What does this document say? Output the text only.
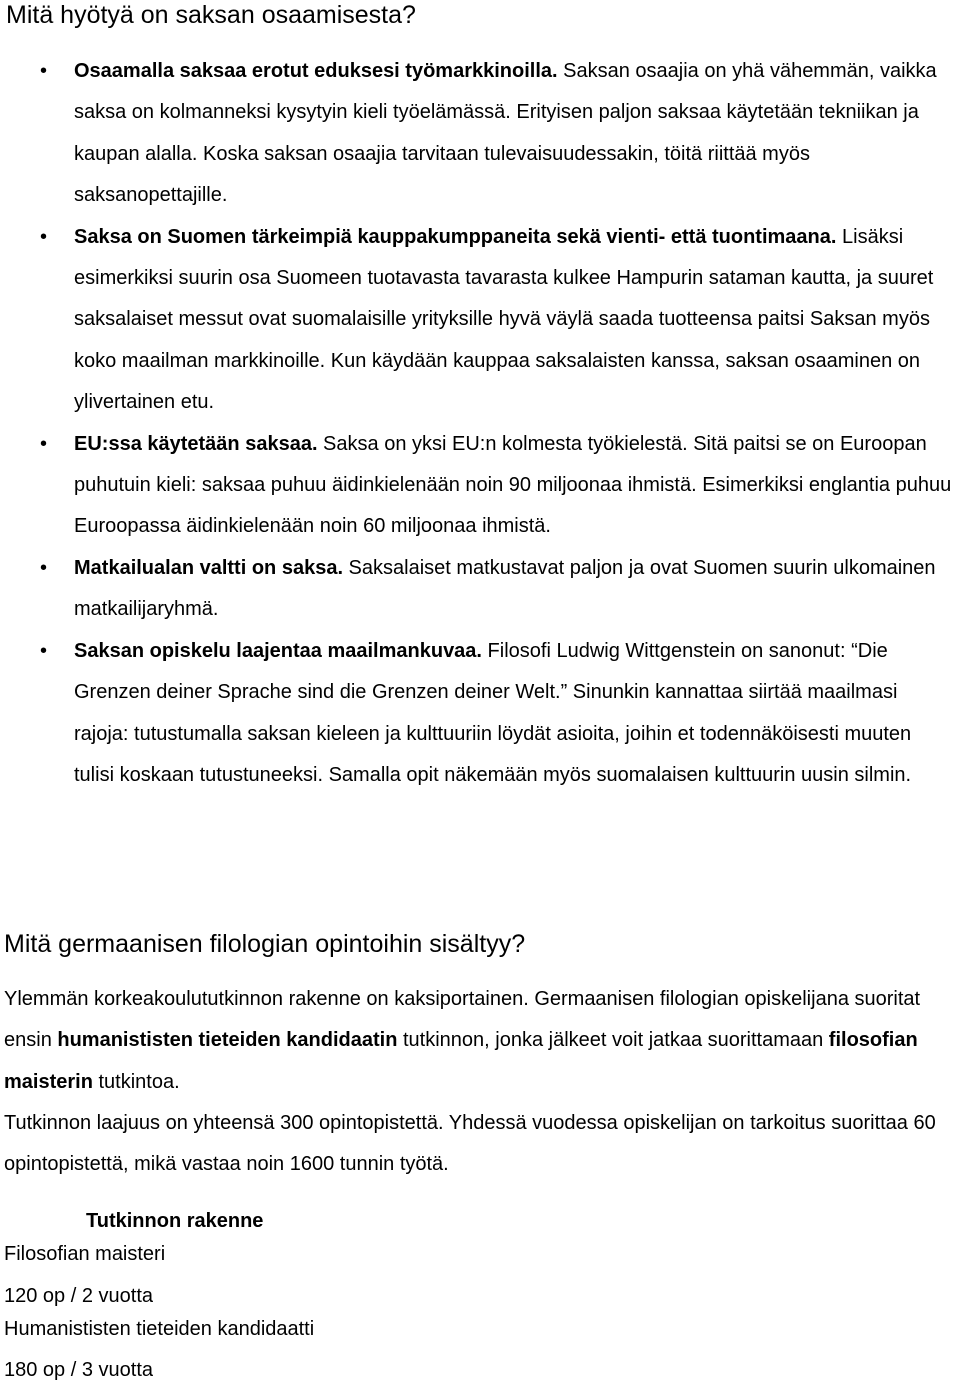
Mitä hyötyä on saksan osaamisesta?
• Osaamalla saksaa erotut eduksesi työmarkkinoilla. Saksan osaajia on yhä vähemmän, vaikka saksa on kolmanneksi kysytyin kieli työelämässä. Erityisen paljon saksaa käytetään tekniikan ja kaupan alalla. Koska saksan osaajia tarvitaan tulevaisuudessakin, töitä riittää myös saksanopettajille.
• Saksa on Suomen tärkeimpiä kauppakumppaneita sekä vienti- että tuontimaana. Lisäksi esimerkiksi suurin osa Suomeen tuotavasta tavarasta kulkee Hampurin sataman kautta, ja suuret saksalaiset messut ovat suomalaisille yrityksille hyvä väylä saada tuotteensa paitsi Saksan myös koko maailman markkinoille. Kun käydään kauppaa saksalaisten kanssa, saksan osaaminen on ylivertainen etu.
• EU:ssa käytetään saksaa. Saksa on yksi EU:n kolmesta työkielestä. Sitä paitsi se on Euroopan puhutuin kieli: saksaa puhuu äidinkielenään noin 90 miljoonaa ihmistä. Esimerkiksi englantia puhuu Euroopassa äidinkielenään noin 60 miljoonaa ihmistä.
• Matkailualan valtti on saksa. Saksalaiset matkustavat paljon ja ovat Suomen suurin ulkomainen matkailijaryhmä.
• Saksan opiskelu laajentaa maailmankuvaa. Filosofi Ludwig Wittgenstein on sanonut: “Die Grenzen deiner Sprache sind die Grenzen deiner Welt.” Sinunkin kannattaa siirtää maailmasi rajoja: tutustumalla saksan kieleen ja kulttuuriin löydät asioita, joihin et todennäköisesti muuten tulisi koskaan tutustuneeksi. Samalla opit näkemään myös suomalaisen kulttuurin uusin silmin.
Mitä germaanisen filologian opintoihin sisältyy?

Ylemmän korkeakoulututkinnon rakenne on kaksiportainen. Germaanisen filologian opiskelijana suoritat ensin humanististen tieteiden kandidaatin tutkinnon, jonka jälkeet voit jatkaa suorittamaan filosofian maisterin tutkintoa.

Tutkinnon laajuus on yhteensä 300 opintopistettä. Yhdessä vuodessa opiskelijan on tarkoitus suorittaa 60 opintopistettä, mikä vastaa noin 1600 tunnin työtä.

Tutkinnon rakenne

Filosofian maisteri

120 op / 2 vuotta

Humanististen tieteiden kandidaatti

180 op / 3 vuotta
